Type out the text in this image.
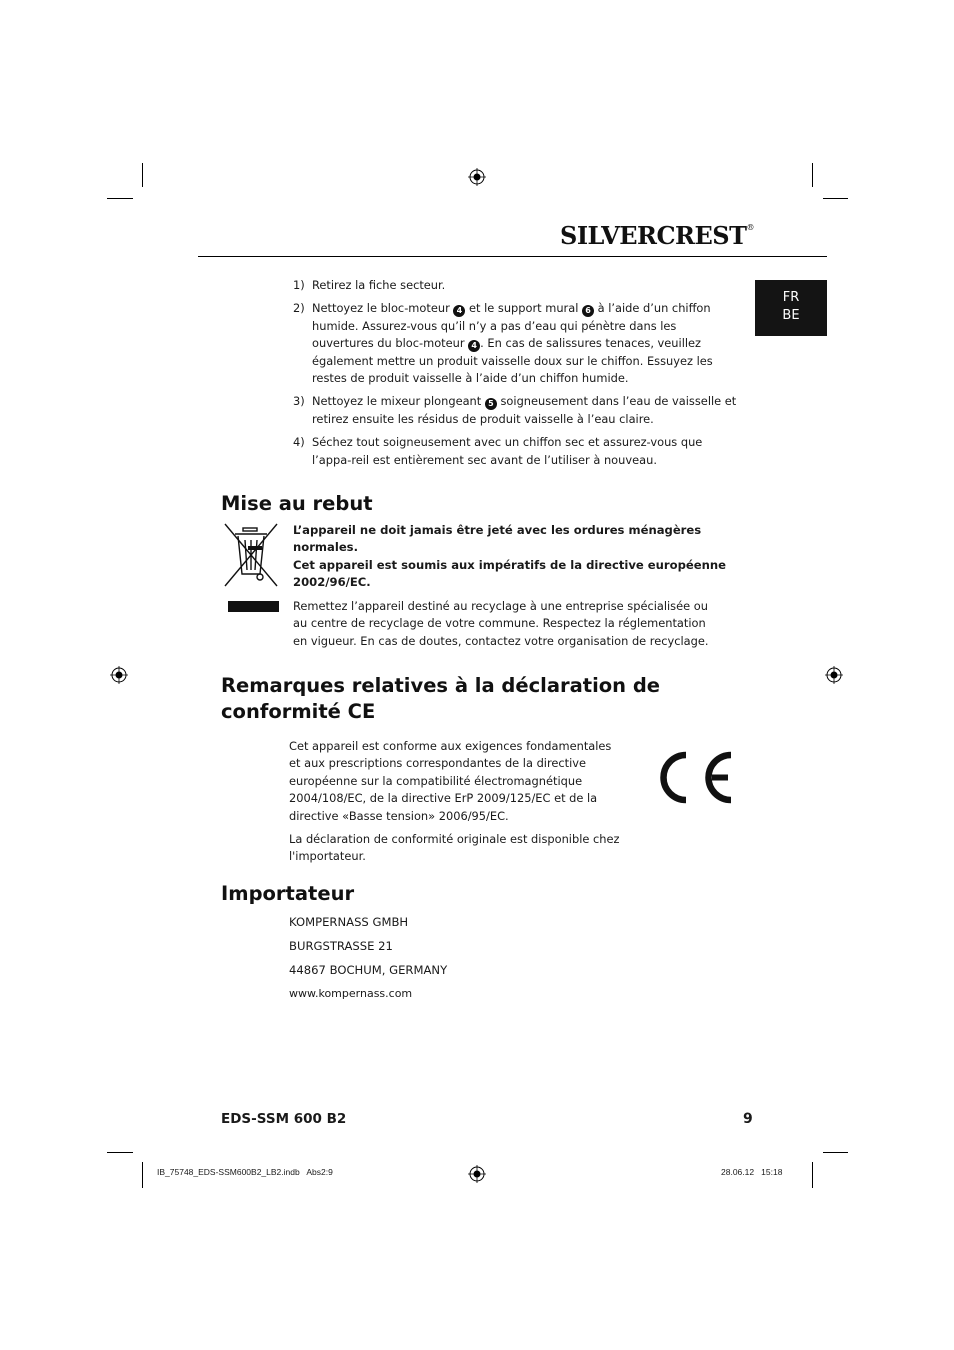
SILVERCREST®
FR
BE
1) Retirez la fiche secteur.
2) Nettoyez le bloc-moteur 4 et le support mural 6 à l’aide d’un chiffon humide. Assurez-vous qu’il n’y a pas d’eau qui pénètre dans les ouvertures du bloc-moteur 4 . En cas de salissures tenaces, veuillez également mettre un produit vaisselle doux sur le chiffon. Essuyez les restes de produit vaisselle à l’aide d’un chiffon humide.
3) Nettoyez le mixeur plongeant 5 soigneusement dans l’eau de vaisselle et retirez ensuite les résidus de produit vaisselle à l’eau claire.
4) Séchez tout soigneusement avec un chiffon sec et assurez-vous que l’appa-reil est entièrement sec avant de l’utiliser à nouveau.
Mise au rebut
L’appareil ne doit jamais être jeté avec les ordures ménagères normales.
Cet appareil est soumis aux impératifs de la directive européenne 2002/96/EC.
Remettez l’appareil destiné au recyclage à une entreprise spécialisée ou au centre de recyclage de votre commune. Respectez la réglementation en vigueur. En cas de doutes, contactez votre organisation de recyclage.
Remarques relatives à la déclaration de
conformité CE
Cet appareil est conforme aux exigences fondamentales et aux prescriptions correspondantes de la directive européenne sur la compatibilité électromagnétique 2004/108/EC, de la directive ErP 2009/125/EC et de la directive «Basse tension» 2006/95/EC.
La déclaration de conformité originale est disponible chez l'importateur.
Importateur
KOMPERNASS GMBH
BURGSTRASSE 21
44867 BOCHUM, GERMANY
www.kompernass.com
EDS-SSM 600 B2	9
IB_75748_EDS-SSM600B2_LB2.indb   Abs2:9	28.06.12   15:18
